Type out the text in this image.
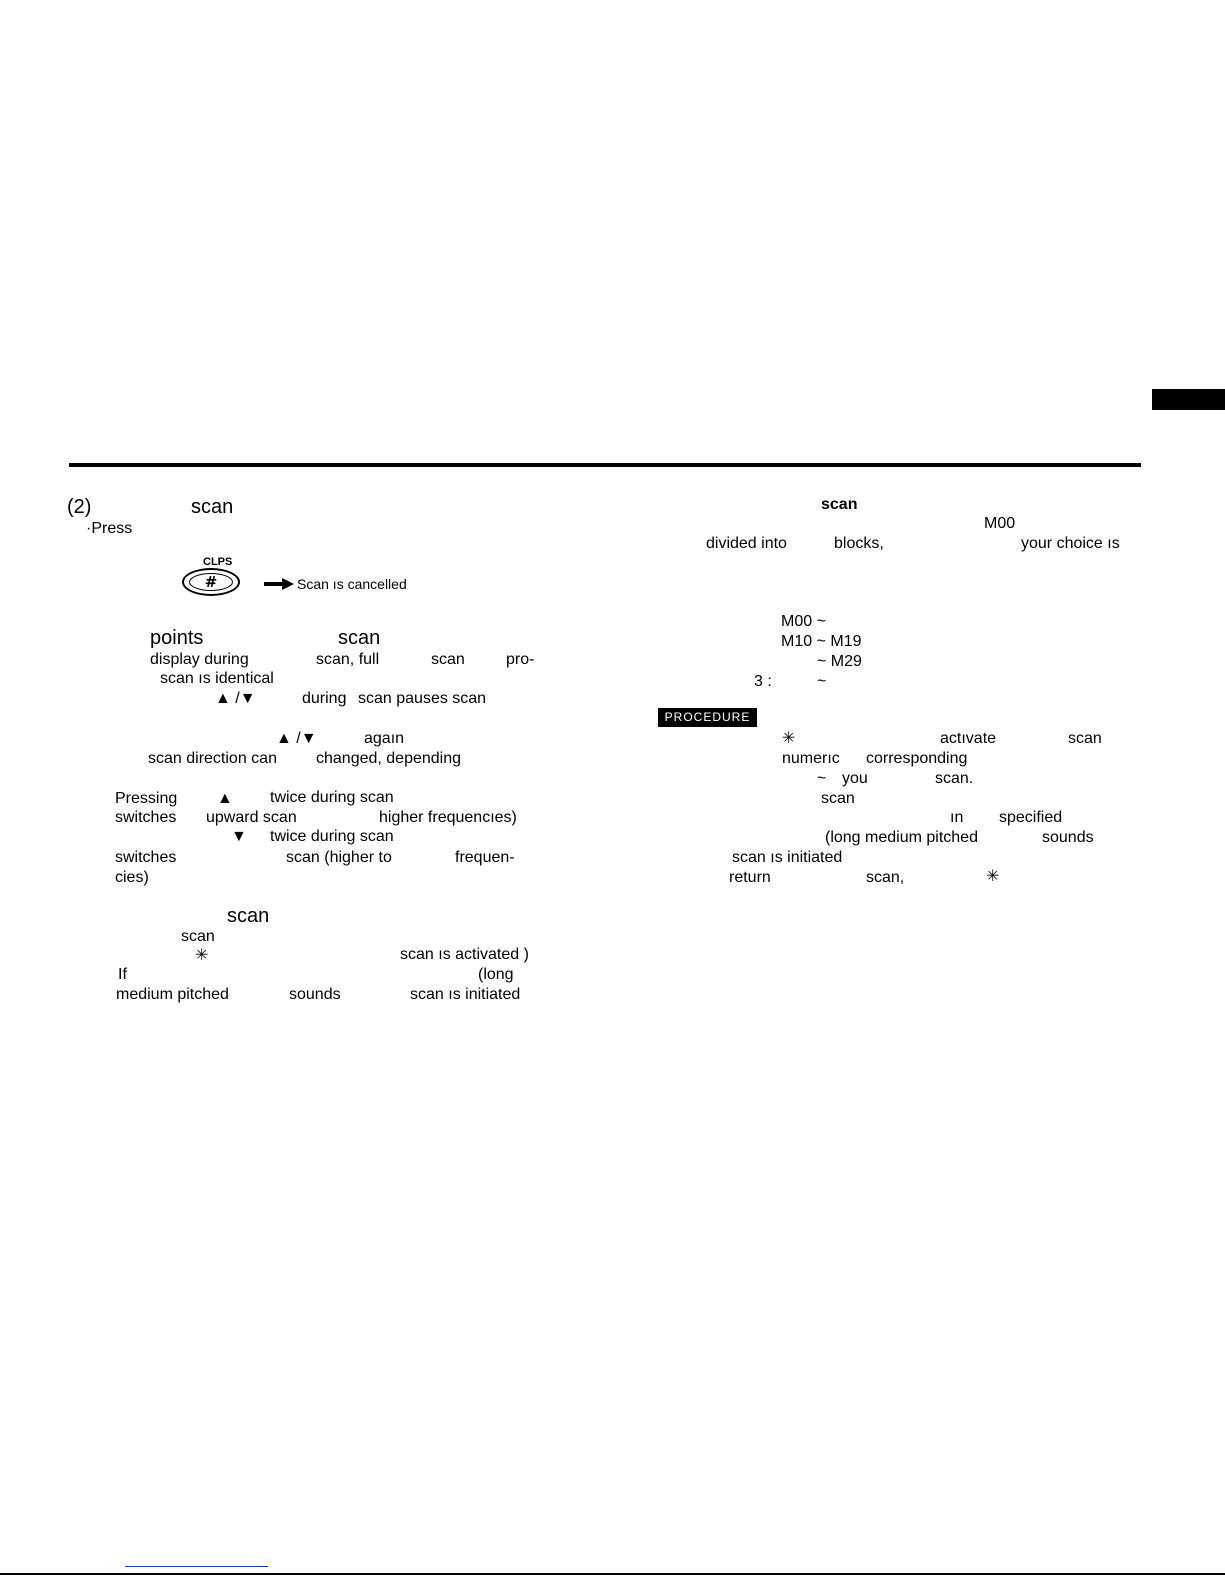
(2)	scan
·Press
CLPS
#	Scan ıs cancelled
points	scan
display during	scan, full	scan	pro-
scan ıs identical
▲ /▼	during scan pauses scan
▲ /▼	agaın
scan direction can changed, depending
Pressing ▲ twice during scan
switches upward scan	higher frequencıes)
▼ twice during scan
switches	scan (higher to	frequen-
cies)
scan
scan
✳	scan ıs activated )
If	(long
medium pitched	sounds	scan ıs initiated
scan
M00
divided into	blocks,	your choice ıs
M00 ~
M10 ~ M19
~ M29
3 :	~
PROCEDURE
✳	actıvate	scan
numerıc corresponding
~ you	scan.
scan
ın specified
(long medium pitched	sounds
scan ıs initiated
return	scan,	✳
